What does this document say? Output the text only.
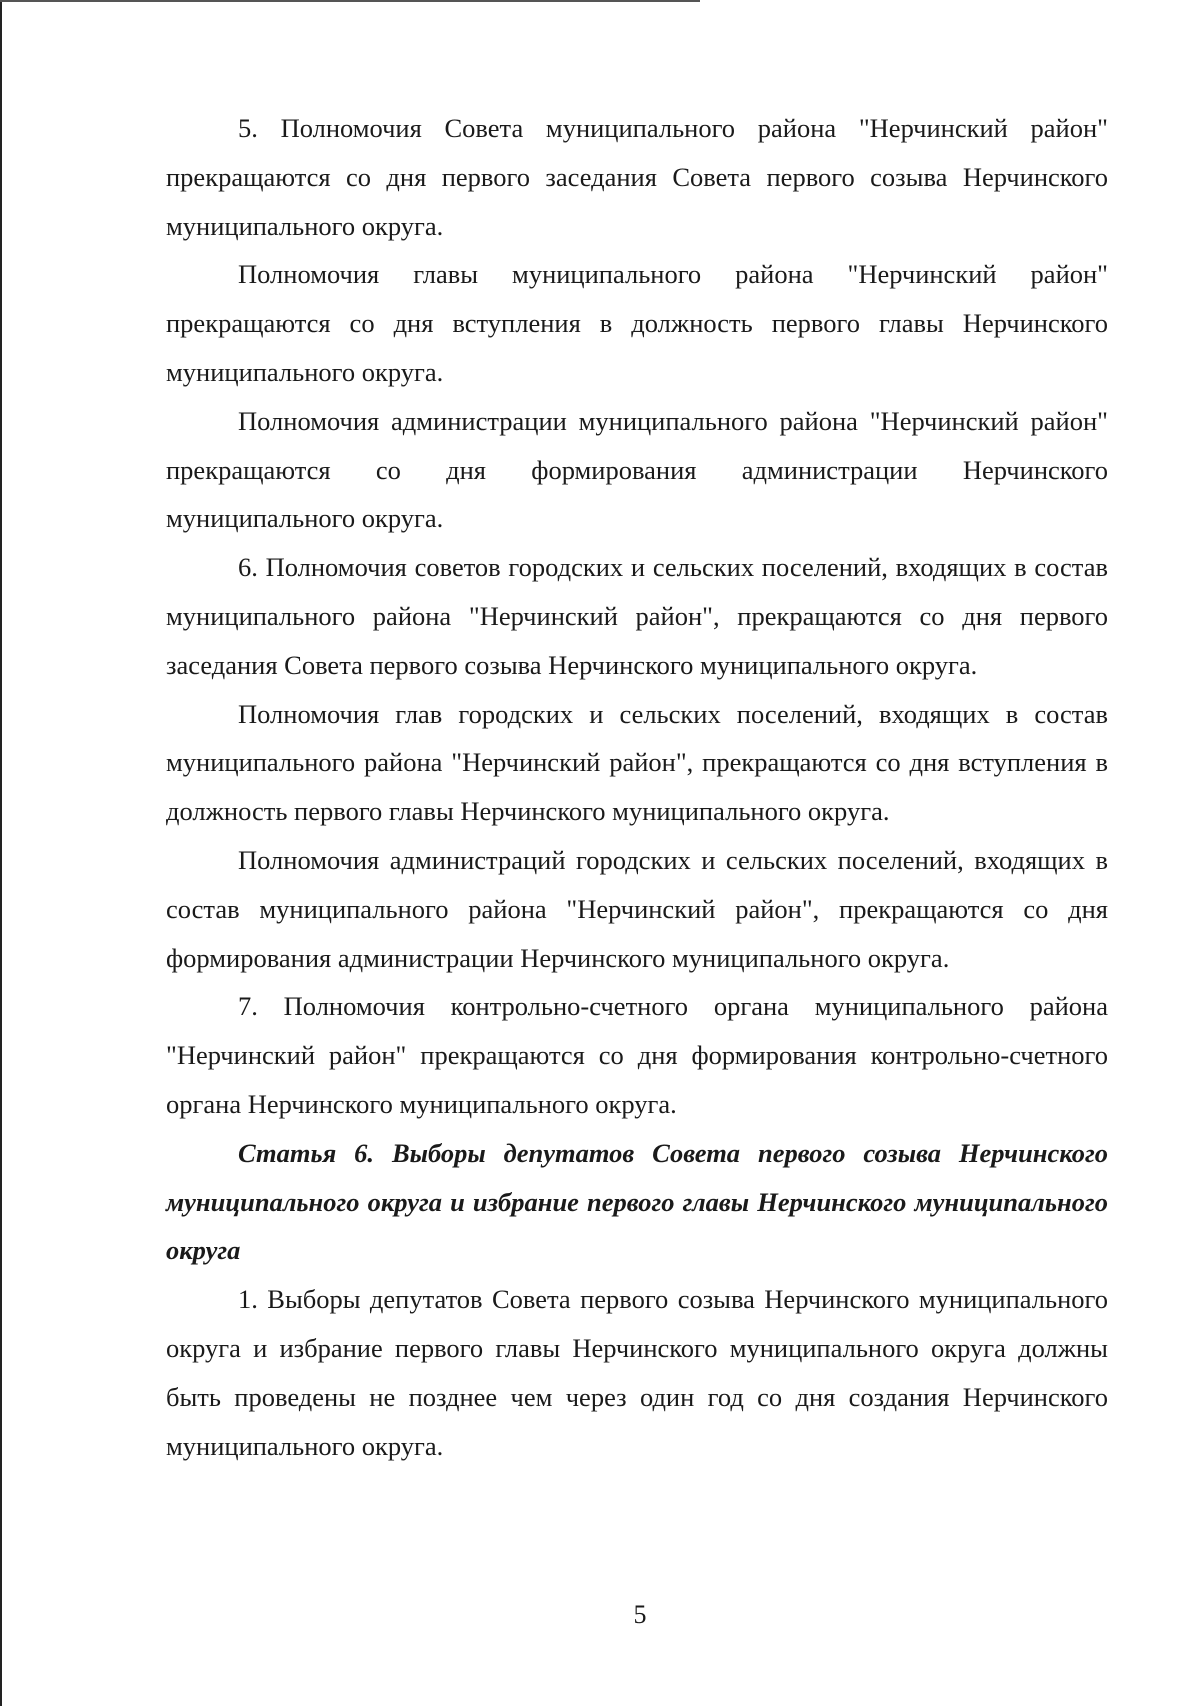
5. Полномочия Совета муниципального района "Нерчинский район" прекращаются со дня первого заседания Совета первого созыва Нерчинского муниципального округа.

Полномочия главы муниципального района "Нерчинский район" прекращаются со дня вступления в должность первого главы Нерчинского муниципального округа.

Полномочия администрации муниципального района "Нерчинский район" прекращаются со дня формирования администрации Нерчинского муниципального округа.

6. Полномочия советов городских и сельских поселений, входящих в состав муниципального района "Нерчинский район", прекращаются со дня первого заседания Совета первого созыва Нерчинского муниципального округа.

Полномочия глав городских и сельских поселений, входящих в состав муниципального района "Нерчинский район", прекращаются со дня вступления в должность первого главы Нерчинского муниципального округа.

Полномочия администраций городских и сельских поселений, входящих в состав муниципального района "Нерчинский район", прекращаются со дня формирования администрации Нерчинского муниципального округа.

7. Полномочия контрольно-счетного органа муниципального района "Нерчинский район" прекращаются со дня формирования контрольно-счетного органа Нерчинского муниципального округа.

Статья 6. Выборы депутатов Совета первого созыва Нерчинского муниципального округа и избрание первого главы Нерчинского муниципального округа

1. Выборы депутатов Совета первого созыва Нерчинского муниципального округа и избрание первого главы Нерчинского муниципального округа должны быть проведены не позднее чем через один год со дня создания Нерчинского муниципального округа.

5
